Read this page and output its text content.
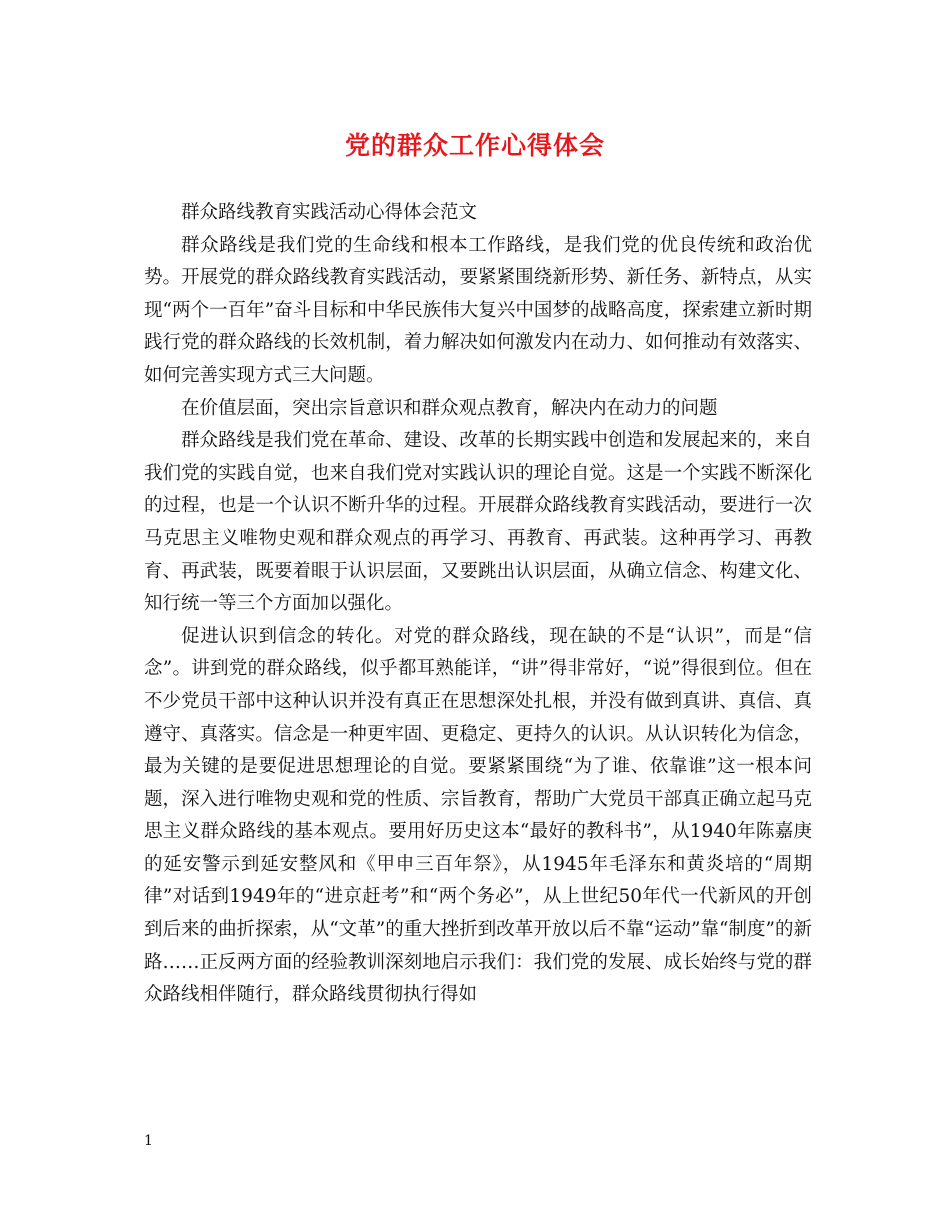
党的群众工作心得体会

群众路线教育实践活动心得体会范文

群众路线是我们党的生命线和根本工作路线，是我们党的优良传统和政治优势。开展党的群众路线教育实践活动，要紧紧围绕新形势、新任务、新特点，从实现“两个一百年”奋斗目标和中华民族伟大复兴中国梦的战略高度，探索建立新时期践行党的群众路线的长效机制，着力解决如何激发内在动力、如何推动有效落实、如何完善实现方式三大问题。

在价值层面，突出宗旨意识和群众观点教育，解决内在动力的问题

群众路线是我们党在革命、建设、改革的长期实践中创造和发展起来的，来自我们党的实践自觉，也来自我们党对实践认识的理论自觉。这是一个实践不断深化的过程，也是一个认识不断升华的过程。开展群众路线教育实践活动，要进行一次马克思主义唯物史观和群众观点的再学习、再教育、再武装。这种再学习、再教育、再武装，既要着眼于认识层面，又要跳出认识层面，从确立信念、构建文化、知行统一等三个方面加以强化。

促进认识到信念的转化。对党的群众路线，现在缺的不是“认识”，而是“信念”。讲到党的群众路线，似乎都耳熟能详，“讲”得非常好，“说”得很到位。但在不少党员干部中这种认识并没有真正在思想深处扎根，并没有做到真讲、真信、真遵守、真落实。信念是一种更牢固、更稳定、更持久的认识。从认识转化为信念，最为关键的是要促进思想理论的自觉。要紧紧围绕“为了谁、依靠谁”这一根本问题，深入进行唯物史观和党的性质、宗旨教育，帮助广大党员干部真正确立起马克思主义群众路线的基本观点。要用好历史这本“最好的教科书”，从1940年陈嘉庚的延安警示到延安整风和《甲申三百年祭》，从1945年毛泽东和黄炎培的“周期律”对话到1949年的“进京赶考”和“两个务必”，从上世纪50年代一代新风的开创到后来的曲折探索，从“文革”的重大挫折到改革开放以后不靠“运动”靠“制度”的新路……正反两方面的经验教训深刻地启示我们：我们党的发展、成长始终与党的群众路线相伴随行，群众路线贯彻执行得如

1
